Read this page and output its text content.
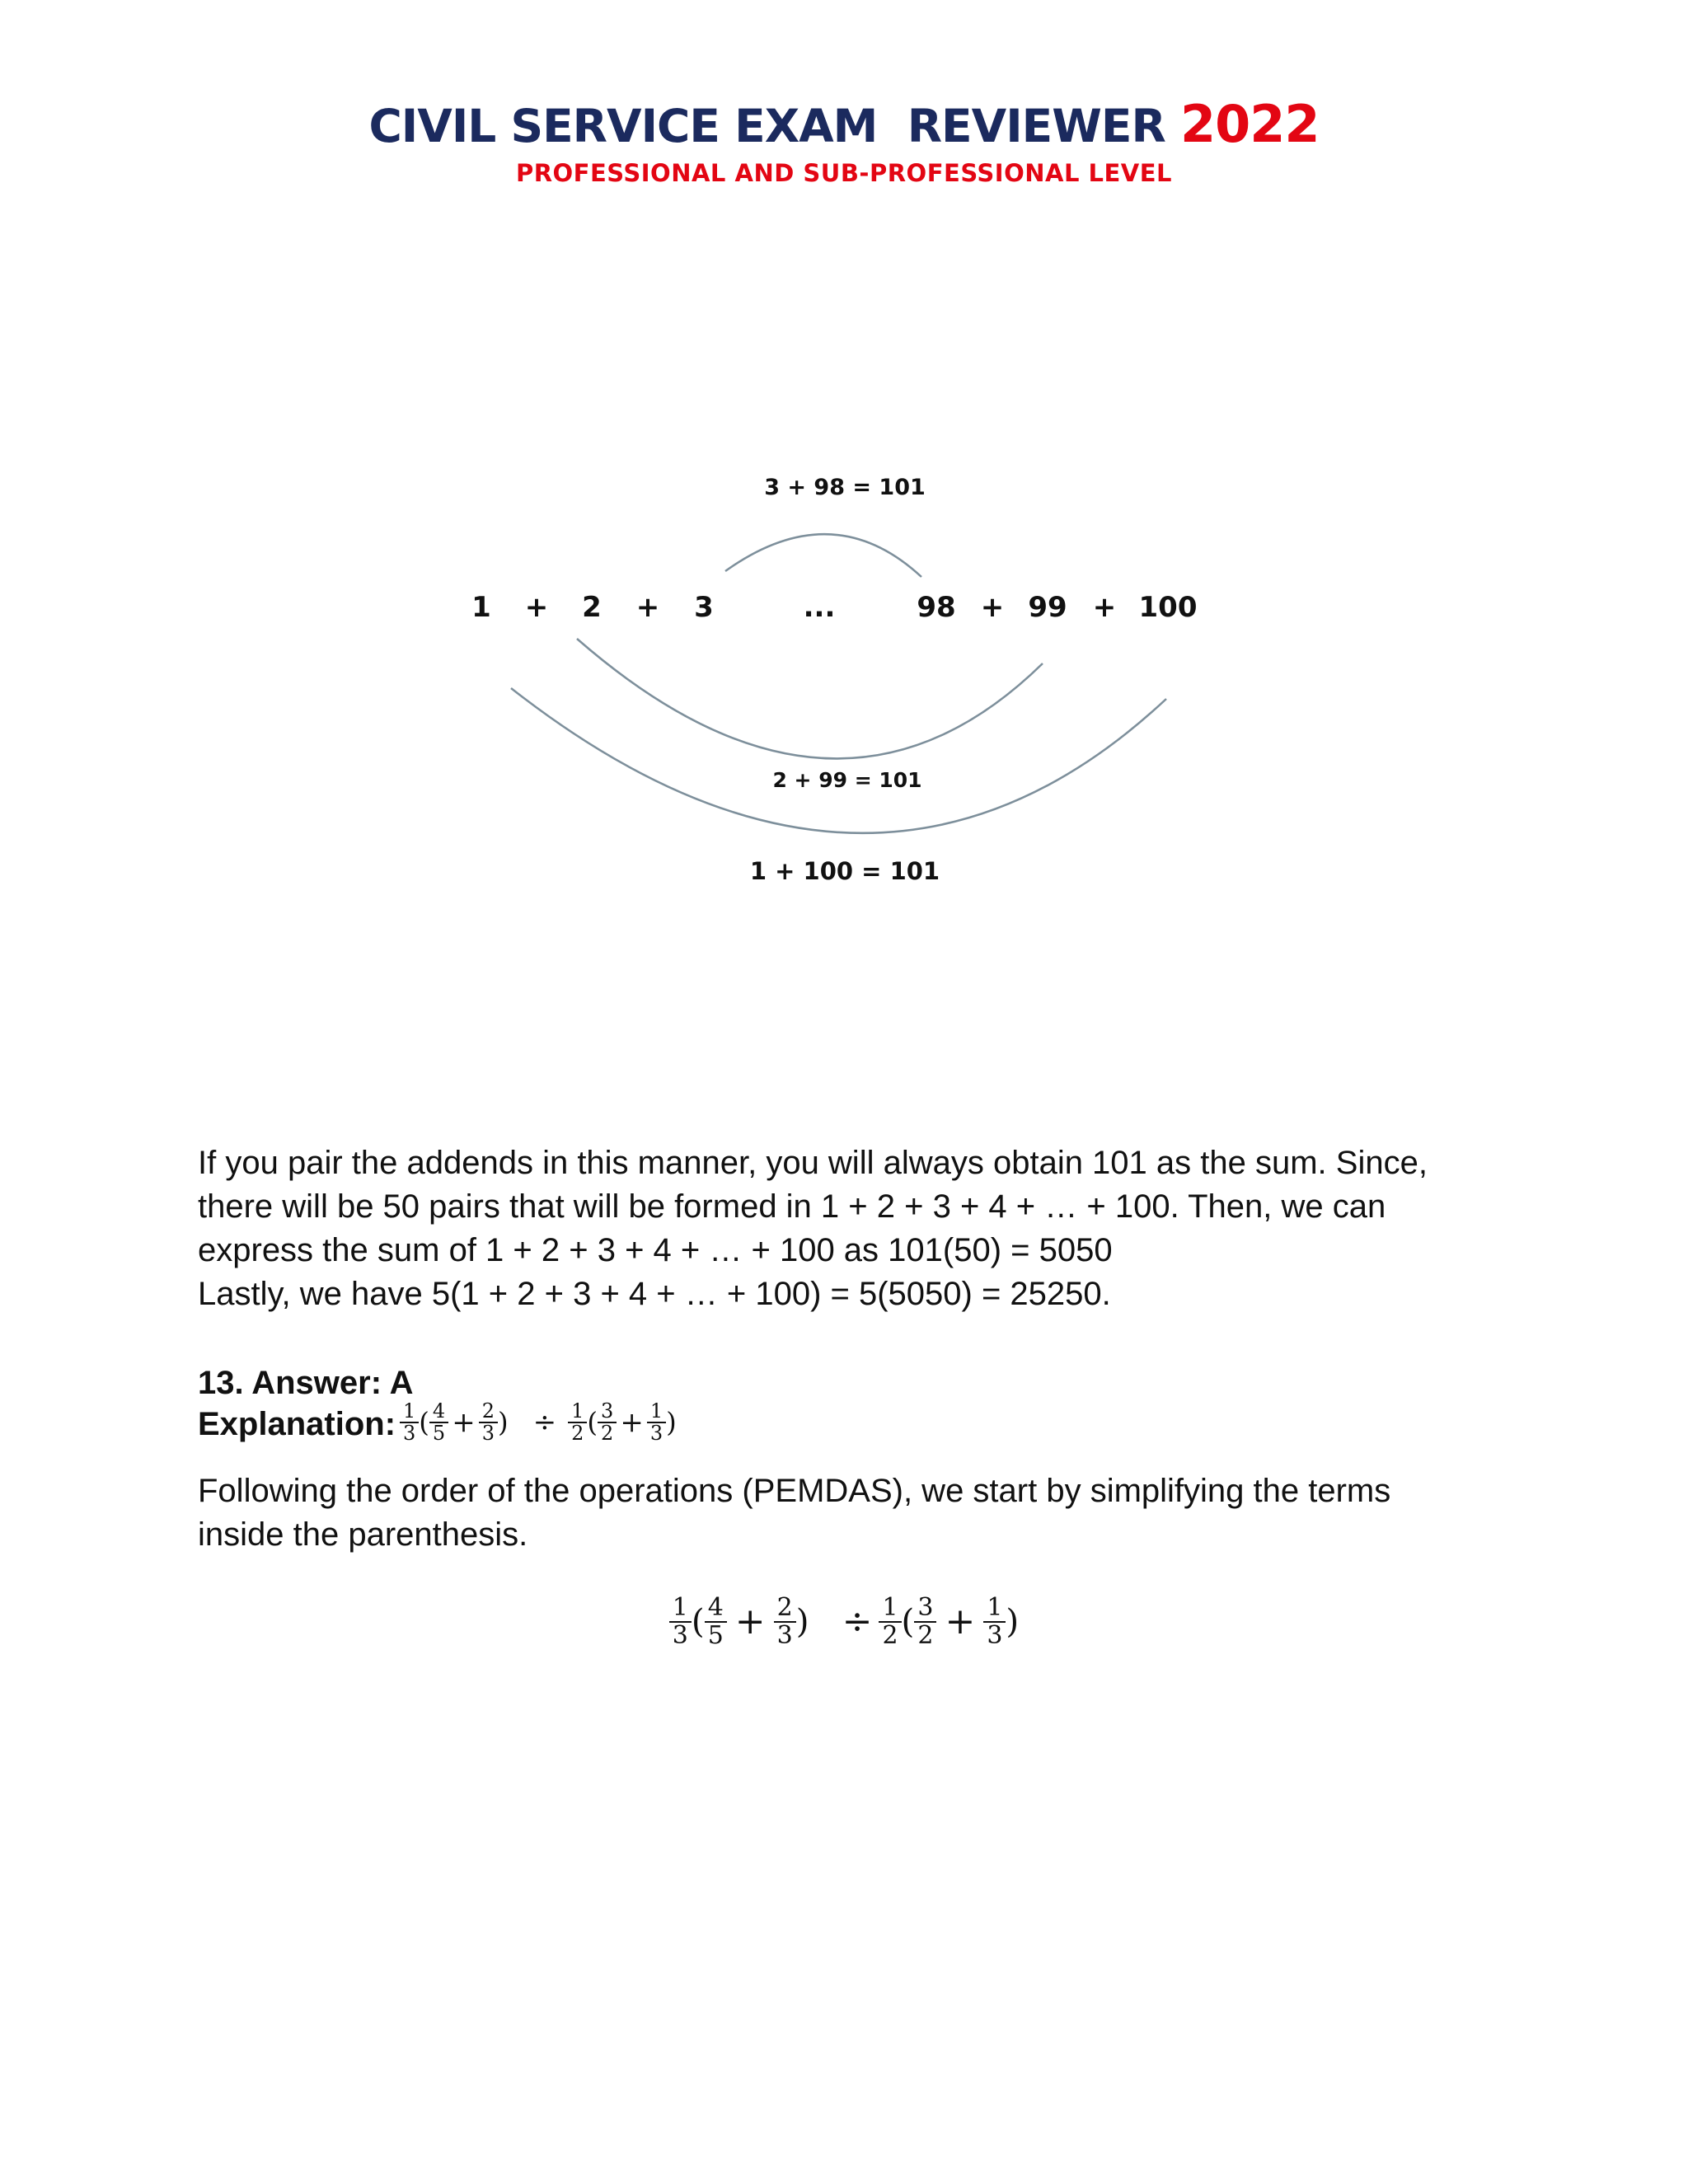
CIVIL SERVICE EXAM  REVIEWER 2022
PROFESSIONAL AND SUB-PROFESSIONAL LEVEL
3 + 98 = 101
1 + 2 + 3	...	98 + 99 + 100
2 + 99 = 101
1 + 100 = 101

If you pair the addends in this manner, you will always obtain 101 as the sum. Since,

there will be 50 pairs that will be formed in 1 + 2 + 3 + 4 + … + 100. Then, we can

express the sum of 1 + 2 + 3 + 4 + … + 100 as 101(50) = 5050

Lastly, we have 5(1 + 2 + 3 + 4 + … + 100) = 5(5050) = 25250.

13. Answer: A
Explanation: $\frac{1}{3}$ ( $\frac{4}{5} + \frac{2}{3}$ ) ÷ $\frac{1}{2}$ ( $\frac{3}{2} + \frac{1}{3}$ )
Following the order of the operations (PEMDAS), we start by simplifying the terms
inside the parenthesis.
$\frac{1}{3}$ ( $\frac{4}{5} + \frac{2}{3}$ ) ÷ $\frac{1}{2}$ ( $\frac{3}{2} + \frac{1}{3}$ )
